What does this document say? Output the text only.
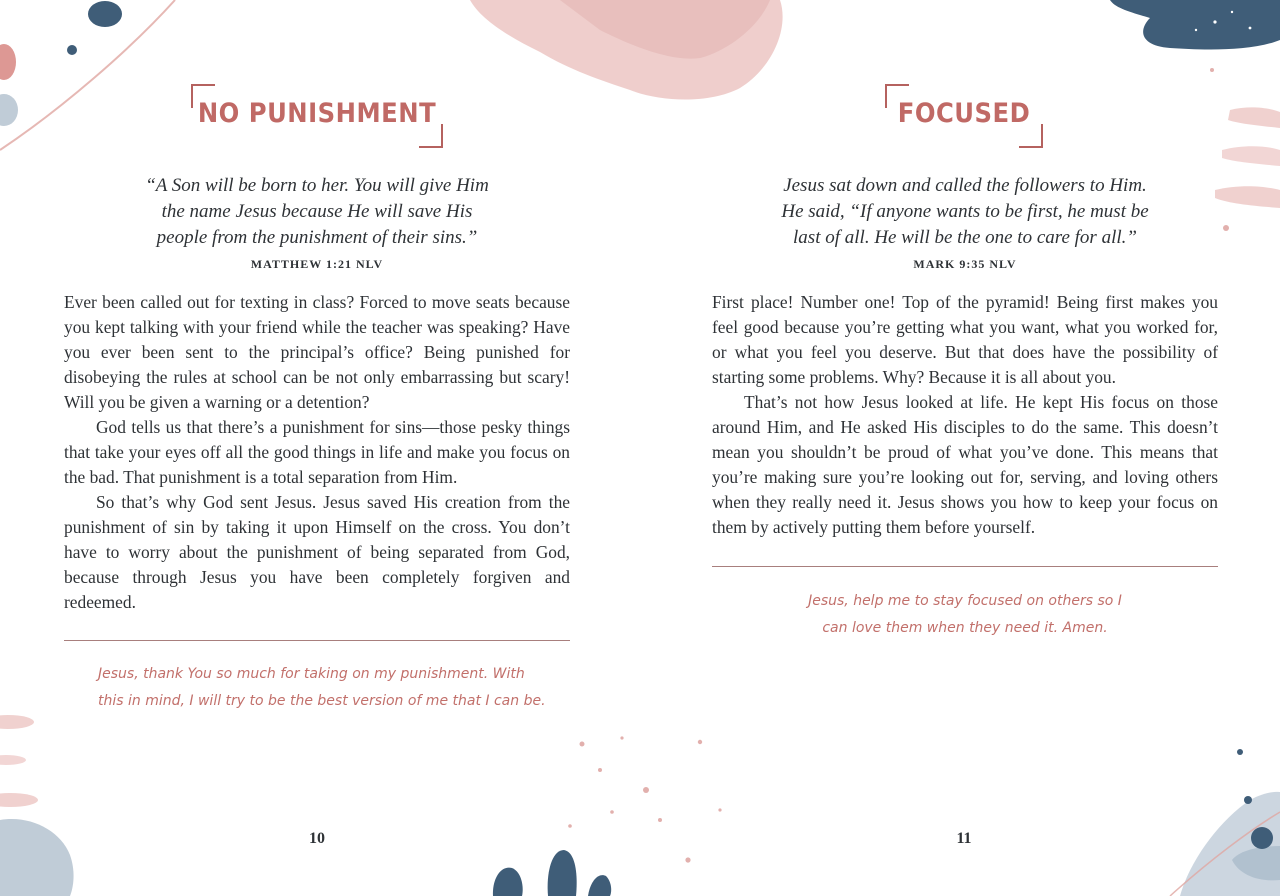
NO PUNISHMENT
“A Son will be born to her. You will give Him
the name Jesus because He will save His
people from the punishment of their sins.”
MATTHEW 1:21 NLV

Ever been called out for texting in class? Forced to move seats because you kept talking with your friend while the teacher was speaking? Have you ever been sent to the principal’s office? Being punished for disobeying the rules at school can be not only embarrassing but scary! Will you be given a warning or a detention?

God tells us that there’s a punishment for sins—those pesky things that take your eyes off all the good things in life and make you focus on the bad. That punishment is a total separation from Him.

So that’s why God sent Jesus. Jesus saved His creation from the punishment of sin by taking it upon Himself on the cross. You don’t have to worry about the punishment of being separated from God, because through Jesus you have been completely forgiven and redeemed.

Jesus, thank You so much for taking on my punishment. With
this in mind, I will try to be the best version of me that I can be.
10
FOCUSED
Jesus sat down and called the followers to Him.
He said, “If anyone wants to be first, he must be
last of all. He will be the one to care for all.”
MARK 9:35 NLV

First place! Number one! Top of the pyramid! Being first makes you feel good because you’re getting what you want, what you worked for, or what you feel you deserve. But that does have the possibility of starting some problems. Why? Because it is all about you.

That’s not how Jesus looked at life. He kept His focus on those around Him, and He asked His disciples to do the same. This doesn’t mean you shouldn’t be proud of what you’ve done. This means that you’re making sure you’re looking out for, serving, and loving others when they really need it. Jesus shows you how to keep your focus on them by actively putting them before yourself.

Jesus, help me to stay focused on others so I
can love them when they need it. Amen.
11
